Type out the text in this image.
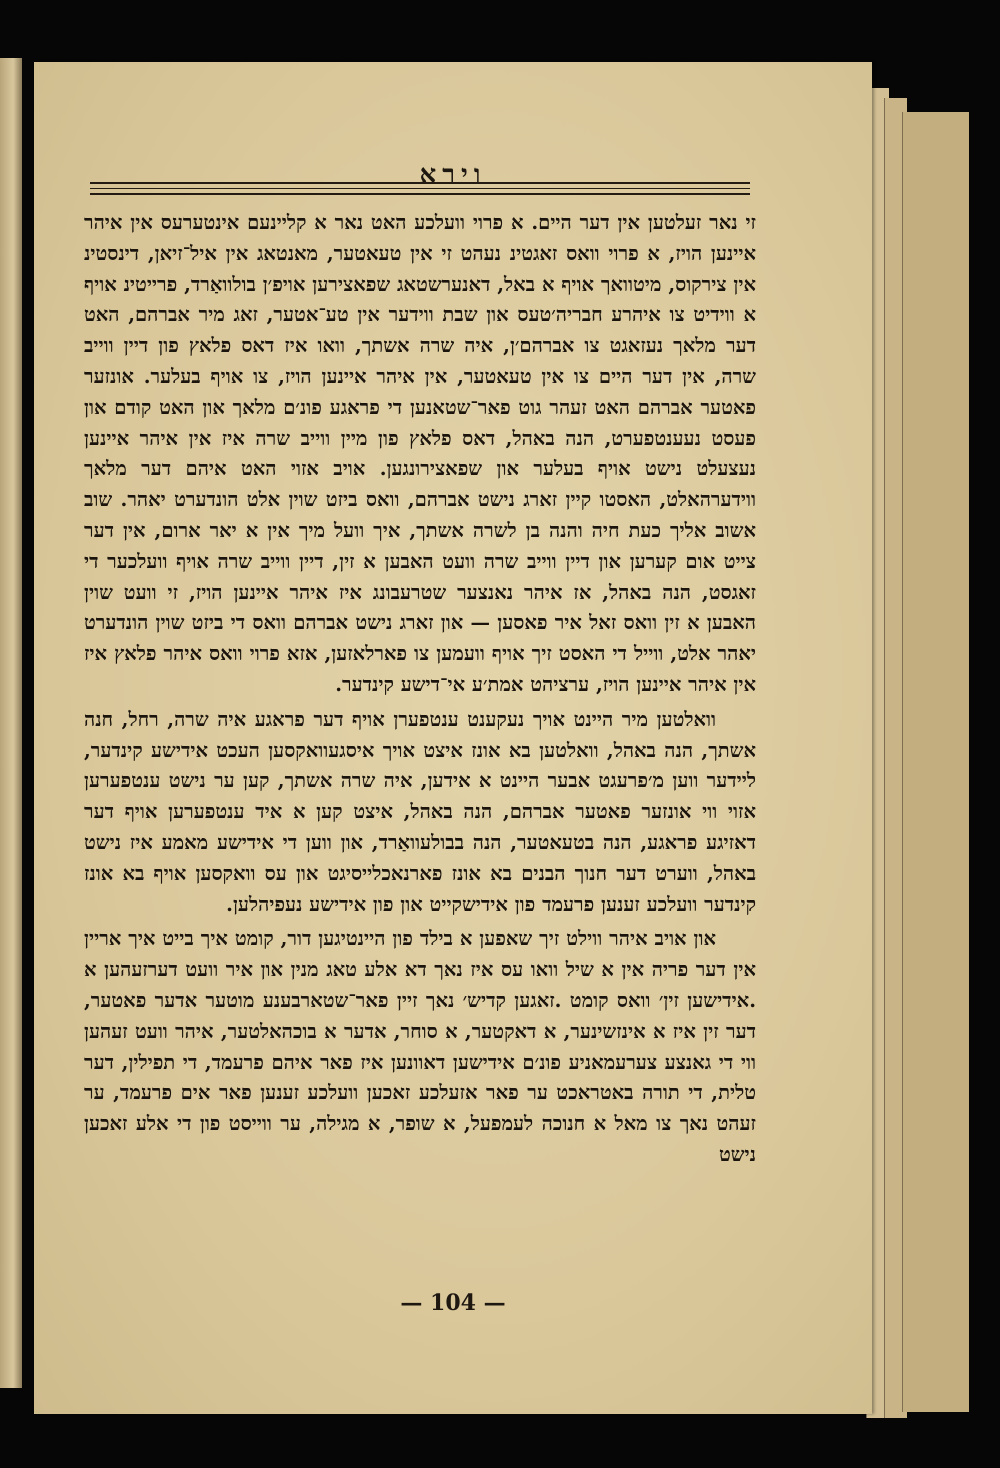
וירא

זי נאר זעלטען אין דער היים. א פרוי וועלכע האט נאר א קליינעם אינטערעס אין איהר איינען הויז, א פרוי וואס זאגטינ נעהט זי אין טעאטער, מאנטאג אין איל־זיאן, דינסטינ אין צירקוס, מיטוואך אויף א באל, דאנערשטאג שפאצירען אויפ׳ן בולוואַרד, פרייטינ אויף א ווידיט צו איהרע חבריה׳טעס און שבת ווידער אין טע־אטער, זאג מיר אברהם, האט דער מלאך נעזאגט צו אברהם׳ן, איה שרה אשתך, וואו איז דאס פלאץ פון דיין ווייב שרה, אין דער היים צו אין טעאטער, אין איהר איינען הויז, צו אויף בעלער. אונזער פאטער אברהם האט זעהר גוט פאר־שטאנען די פראגע פונ׳ם מלאך און האט קודם און פעסט נעענטפערט, הנה באהל, דאס פלאץ פון מיין ווייב שרה איז אין איהר איינען נעצעלט נישט אויף בעלער און שפאצירונגען. אויב אזוי האט איהם דער מלאך ווידערהאלט, האסטו קיין זארג נישט אברהם, וואס ביזט שוין אלט הונדערט יאהר. שוב אשוב אליך כעת חיה והנה בן לשרה אשתך, איך וועל מיך אין א יאר ארום, אין דער צייט אום קערען און דיין ווייב שרה וועט האבען א זין, דיין ווייב שרה אויף וועלכער די זאגסט, הנה באהל, אז איהר נאנצער שטרעבונג איז איהר איינען הויז, זי וועט שוין האבען א זין וואס זאל איר פאסען — און זארג נישט אברהם וואס די ביזט שוין הונדערט יאהר אלט, ווייל די האסט זיך אויף וועמען צו פארלאזען, אזא פרוי וואס איהר פלאץ איז אין איהר איינען הויז, ערציהט אמת׳ע אי־דישע קינדער.

וואלטען מיר היינט אויך נעקענט ענטפערן אויף דער פראגע איה שרה, רחל, חנה אשתך, הנה באהל, וואלטען בא אונז איצט אויך איסגעוואקסען העכט אידישע קינדער, ליידער ווען מ׳פרעגט אבער היינט א אידען, איה שרה אשתך, קען ער נישט ענטפערען אזוי ווי אונזער פאטער אברהם, הנה באהל, איצט קען א איד ענטפערען אויף דער דאזיגע פראגע, הנה בטעאטער, הנה בבולעוואַרד, און ווען די אידישע מאמע איז נישט באהל, ווערט דער חנוך הבנים בא אונז פארנאכלייסיגט און עס וואקסען אויף בא אונז קינדער וועלכע זענען פרעמד פון אידישקייט און פון אידישע נעפיהלען.

און אויב איהר ווילט זיך שאפען א בילד פון היינטיגען דור, קומט איך בייט איך אריין אין דער פריה אין א שיל וואו עס איז נאך דא אלע טאג מנין און איר וועט דערזעהען א .אידישען זין׳ וואס קומט .זאגען קדיש׳ נאך זיין פאר־שטארבענע מוטער אדער פאטער, דער זין איז א אינזשינער, א דאקטער, א סוחר, אדער א בוכהאלטער, איהר וועט זעהען ווי די גאנצע צערעמאניע פונ׳ם אידישען דאוונען איז פאר איהם פרעמד, די תפילין, דער טלית, די תורה באטראכט ער פאר אזעלכע זאכען וועלכע זענען פאר אים פרעמד, ער זעהט נאך צו מאל א חנוכה לעמפעל, א שופר, א מגילה, ער ווייסט פון די אלע זאכען נישט

— 104 —
